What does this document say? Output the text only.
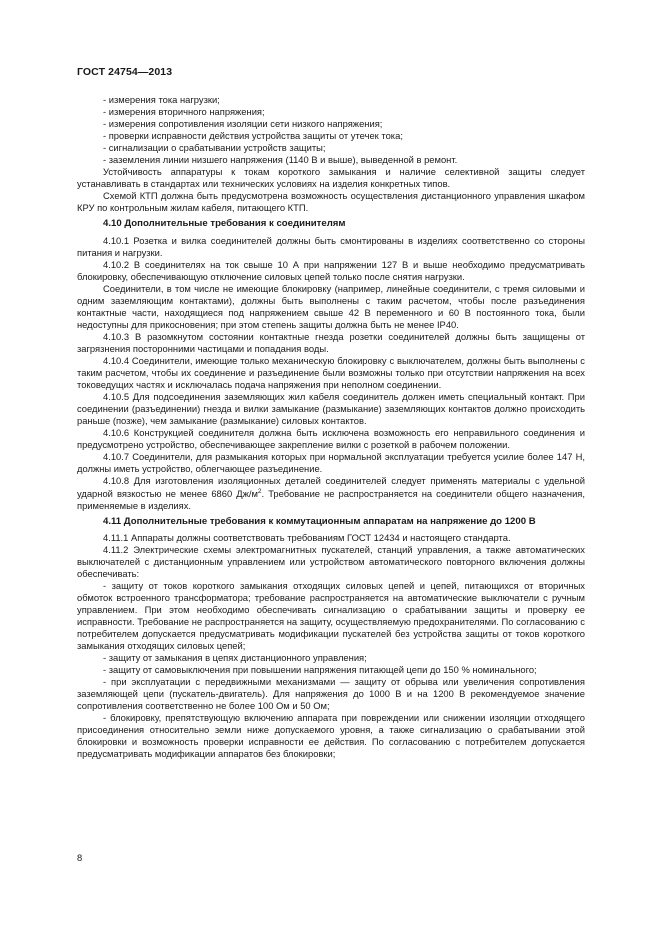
ГОСТ 24754—2013

- измерения тока нагрузки;

- измерения вторичного напряжения;

- измерения сопротивления изоляции сети низкого напряжения;

- проверки исправности действия устройства защиты от утечек тока;

- сигнализации о срабатывании устройств защиты;

- заземления линии низшего напряжения (1140 В и выше), выведенной в ремонт.

Устойчивость аппаратуры к токам короткого замыкания и наличие селективной защиты следует устанавливать в стандартах или технических условиях на изделия конкретных типов.

Схемой КТП должна быть предусмотрена возможность осуществления дистанционного управления шкафом КРУ по контрольным жилам кабеля, питающего КТП.

4.10 Дополнительные требования к соединителям

4.10.1 Розетка и вилка соединителей должны быть смонтированы в изделиях соответственно со стороны питания и нагрузки.

4.10.2 В соединителях на ток свыше 10 А при напряжении 127 В и выше необходимо предусматривать блокировку, обеспечивающую отключение силовых цепей только после снятия нагрузки.

Соединители, в том числе не имеющие блокировку (например, линейные соединители, с тремя силовыми и одним заземляющим контактами), должны быть выполнены с таким расчетом, чтобы после разъединения контактные части, находящиеся под напряжением свыше 42 В переменного и 60 В постоянного тока, были недоступны для прикосновения; при этом степень защиты должна быть не менее IP40.

4.10.3 В разомкнутом состоянии контактные гнезда розетки соединителей должны быть защищены от загрязнения посторонними частицами и попадания воды.

4.10.4 Соединители, имеющие только механическую блокировку с выключателем, должны быть выполнены с таким расчетом, чтобы их соединение и разъединение были возможны только при отсутствии напряжения на всех токоведущих частях и исключалась подача напряжения при неполном соединении.

4.10.5 Для подсоединения заземляющих жил кабеля соединитель должен иметь специальный контакт. При соединении (разъединении) гнезда и вилки замыкание (размыкание) заземляющих контактов должно происходить раньше (позже), чем замыкание (размыкание) силовых контактов.

4.10.6 Конструкцией соединителя должна быть исключена возможность его неправильного соединения и предусмотрено устройство, обеспечивающее закрепление вилки с розеткой в рабочем положении.

4.10.7 Соединители, для размыкания которых при нормальной эксплуатации требуется усилие более 147 Н, должны иметь устройство, облегчающее разъединение.

4.10.8 Для изготовления изоляционных деталей соединителей следует применять материалы с удельной ударной вязкостью не менее 6860 $Дж/м^2$. Требование не распространяется на соединители общего назначения, применяемые в изделиях.

4.11 Дополнительные требования к коммутационным аппаратам на напряжение до 1200 В

4.11.1 Аппараты должны соответствовать требованиям ГОСТ 12434 и настоящего стандарта.

4.11.2 Электрические схемы электромагнитных пускателей, станций управления, а также автоматических выключателей с дистанционным управлением или устройством автоматического повторного включения должны обеспечивать:

- защиту от токов короткого замыкания отходящих силовых цепей и цепей, питающихся от вторичных обмоток встроенного трансформатора; требование распространяется на автоматические выключатели с ручным управлением. При этом необходимо обеспечивать сигнализацию о срабатывании защиты и проверку ее исправности. Требование не распространяется на защиту, осуществляемую предохранителями. По согласованию с потребителем допускается предусматривать модификации пускателей без устройства защиты от токов короткого замыкания отходящих силовых цепей;

- защиту от замыкания в цепях дистанционного управления;

- защиту от самовыключения при повышении напряжения питающей цепи до 150 % номинального;

- при эксплуатации с передвижными механизмами — защиту от обрыва или увеличения сопротивления заземляющей цепи (пускатель-двигатель). Для напряжения до 1000 В и на 1200 В рекомендуемое значение сопротивления соответственно не более 100 Ом и 50 Ом;

- блокировку, препятствующую включению аппарата при повреждении или снижении изоляции отходящего присоединения относительно земли ниже допускаемого уровня, а также сигнализацию о срабатывании этой блокировки и возможность проверки исправности ее действия. По согласованию с потребителем допускается предусматривать модификации аппаратов без блокировки;

8
